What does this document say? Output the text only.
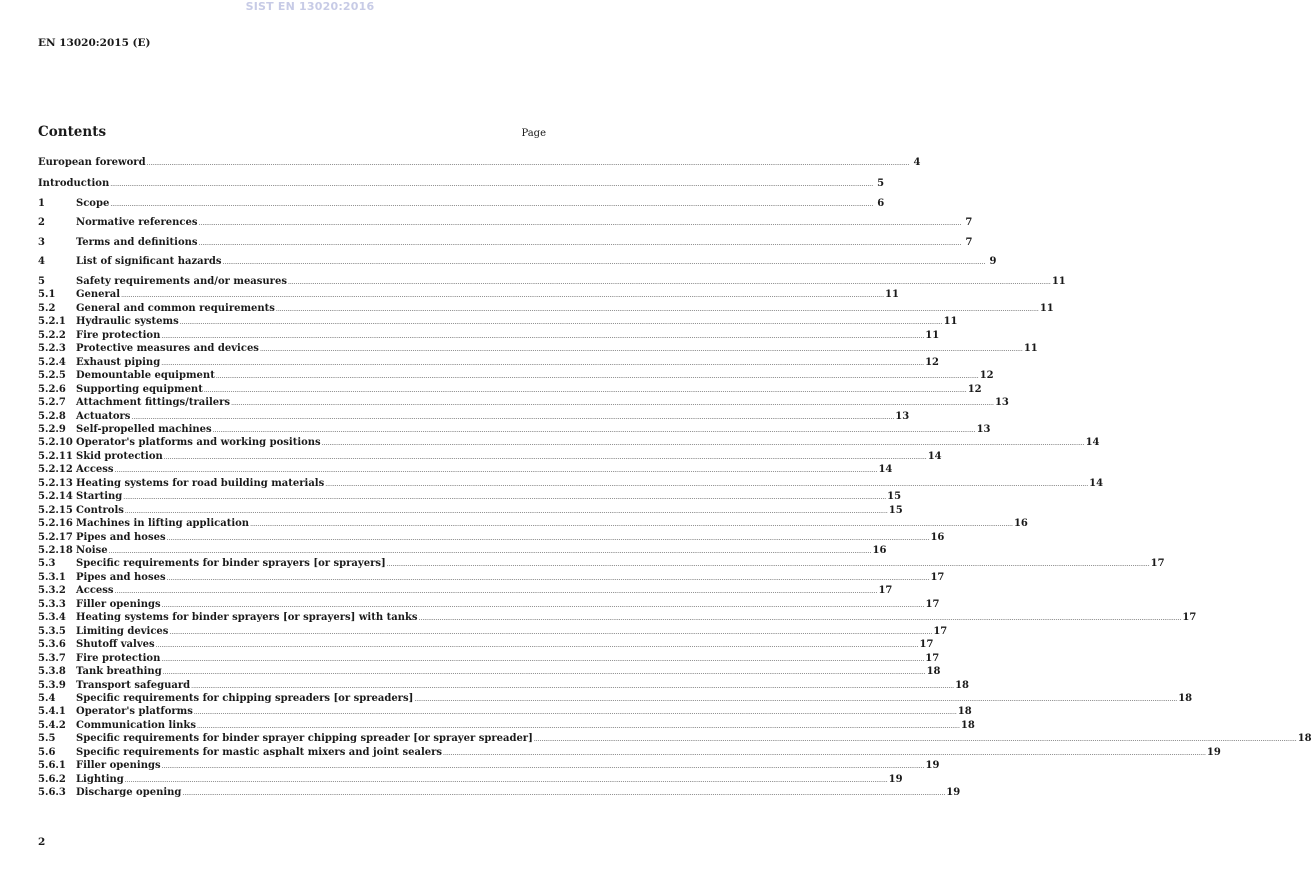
SIST EN 13020:2016
EN 13020:2015 (E)
Contents	Page
European foreword ................................................................................................................................................................................................................................................................................................................................................................................................................ 4
Introduction ................................................................................................................................................................................................................................................................................................................................................................................................................ 5
1	Scope ................................................................................................................................................................................................................................................................................................................................................................................................................ 6
2	Normative references ................................................................................................................................................................................................................................................................................................................................................................................................................ 7
3	Terms and definitions ................................................................................................................................................................................................................................................................................................................................................................................................................ 7
4	List of significant hazards ................................................................................................................................................................................................................................................................................................................................................................................................................ 9
5	Safety requirements and/or measures ................................................................................................................................................................................................................................................................................................................................................................................................................ 11
5.1	General ................................................................................................................................................................................................................................................................................................................................................................................................................ 11
5.2	General and common requirements ................................................................................................................................................................................................................................................................................................................................................................................................................ 11
5.2.1	Hydraulic systems ................................................................................................................................................................................................................................................................................................................................................................................................................ 11
5.2.2	Fire protection ................................................................................................................................................................................................................................................................................................................................................................................................................ 11
5.2.3	Protective measures and devices ................................................................................................................................................................................................................................................................................................................................................................................................................ 11
5.2.4	Exhaust piping ................................................................................................................................................................................................................................................................................................................................................................................................................ 12
5.2.5	Demountable equipment ................................................................................................................................................................................................................................................................................................................................................................................................................ 12
5.2.6	Supporting equipment ................................................................................................................................................................................................................................................................................................................................................................................................................ 12
5.2.7	Attachment fittings/trailers ................................................................................................................................................................................................................................................................................................................................................................................................................ 13
5.2.8	Actuators ................................................................................................................................................................................................................................................................................................................................................................................................................ 13
5.2.9	Self-propelled machines ................................................................................................................................................................................................................................................................................................................................................................................................................ 13
5.2.10 Operator's platforms and working positions ................................................................................................................................................................................................................................................................................................................................................................................................................ 14
5.2.11 Skid protection ................................................................................................................................................................................................................................................................................................................................................................................................................ 14
5.2.12 Access ................................................................................................................................................................................................................................................................................................................................................................................................................ 14
5.2.13 Heating systems for road building materials ................................................................................................................................................................................................................................................................................................................................................................................................................ 14
5.2.14 Starting ................................................................................................................................................................................................................................................................................................................................................................................................................ 15
5.2.15 Controls ................................................................................................................................................................................................................................................................................................................................................................................................................ 15
5.2.16 Machines in lifting application ................................................................................................................................................................................................................................................................................................................................................................................................................ 16
5.2.17 Pipes and hoses ................................................................................................................................................................................................................................................................................................................................................................................................................ 16
5.2.18 Noise ................................................................................................................................................................................................................................................................................................................................................................................................................ 16
5.3	Specific requirements for binder sprayers [or sprayers] ................................................................................................................................................................................................................................................................................................................................................................................................................ 17
5.3.1	Pipes and hoses ................................................................................................................................................................................................................................................................................................................................................................................................................ 17
5.3.2	Access ................................................................................................................................................................................................................................................................................................................................................................................................................ 17
5.3.3	Filler openings ................................................................................................................................................................................................................................................................................................................................................................................................................ 17
5.3.4	Heating systems for binder sprayers [or sprayers] with tanks ................................................................................................................................................................................................................................................................................................................................................................................................................ 17
5.3.5	Limiting devices ................................................................................................................................................................................................................................................................................................................................................................................................................ 17
5.3.6	Shutoff valves ................................................................................................................................................................................................................................................................................................................................................................................................................ 17
5.3.7	Fire protection ................................................................................................................................................................................................................................................................................................................................................................................................................ 17
5.3.8	Tank breathing ................................................................................................................................................................................................................................................................................................................................................................................................................ 18
5.3.9	Transport safeguard ................................................................................................................................................................................................................................................................................................................................................................................................................ 18
5.4	Specific requirements for chipping spreaders [or spreaders] ................................................................................................................................................................................................................................................................................................................................................................................................................ 18
5.4.1	Operator's platforms ................................................................................................................................................................................................................................................................................................................................................................................................................ 18
5.4.2	Communication links ................................................................................................................................................................................................................................................................................................................................................................................................................ 18
5.5	Specific requirements for binder sprayer chipping spreader [or sprayer spreader] ................................................................................................................................................................................................................................................................................................................................................................................................................ 18
5.6	Specific requirements for mastic asphalt mixers and joint sealers ................................................................................................................................................................................................................................................................................................................................................................................................................ 19
5.6.1	Filler openings ................................................................................................................................................................................................................................................................................................................................................................................................................ 19
5.6.2	Lighting ................................................................................................................................................................................................................................................................................................................................................................................................................ 19
5.6.3	Discharge opening ................................................................................................................................................................................................................................................................................................................................................................................................................ 19
2
